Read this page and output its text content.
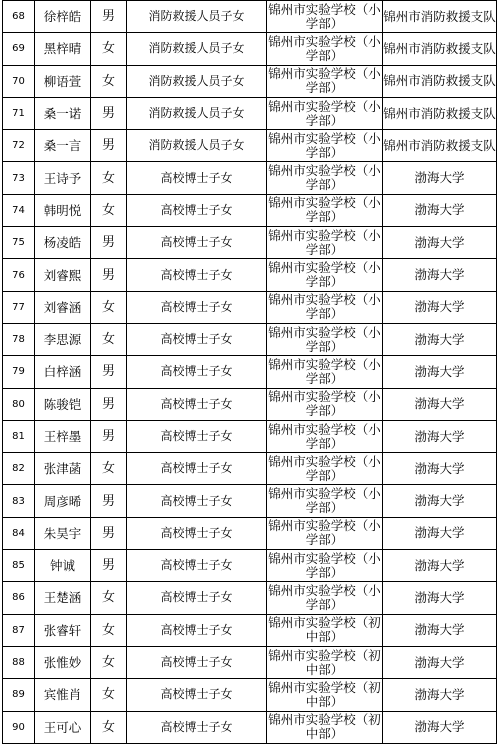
68	徐梓皓	男	消防救援人员子女	锦州市实验学校（小学部）	锦州市消防救援支队
69	黑梓晴	女	消防救援人员子女	锦州市实验学校（小学部）	锦州市消防救援支队
70	柳语萱	女	消防救援人员子女	锦州市实验学校（小学部）	锦州市消防救援支队
71	桑一诺	男	消防救援人员子女	锦州市实验学校（小学部）	锦州市消防救援支队
72	桑一言	男	消防救援人员子女	锦州市实验学校（小学部）	锦州市消防救援支队
73	王诗予	女	高校博士子女	锦州市实验学校（小学部）	渤海大学
74	韩明悦	女	高校博士子女	锦州市实验学校（小学部）	渤海大学
75	杨凌皓	男	高校博士子女	锦州市实验学校（小学部）	渤海大学
76	刘睿熙	男	高校博士子女	锦州市实验学校（小学部）	渤海大学
77	刘睿涵	女	高校博士子女	锦州市实验学校（小学部）	渤海大学
78	李思源	女	高校博士子女	锦州市实验学校（小学部）	渤海大学
79	白梓涵	男	高校博士子女	锦州市实验学校（小学部）	渤海大学
80	陈骏铠	男	高校博士子女	锦州市实验学校（小学部）	渤海大学
81	王梓墨	男	高校博士子女	锦州市实验学校（小学部）	渤海大学
82	张津菡	女	高校博士子女	锦州市实验学校（小学部）	渤海大学
83	周彦晞	男	高校博士子女	锦州市实验学校（小学部）	渤海大学
84	朱昊宇	男	高校博士子女	锦州市实验学校（小学部）	渤海大学
85	钟诚	男	高校博士子女	锦州市实验学校（小学部）	渤海大学
86	王楚涵	女	高校博士子女	锦州市实验学校（小学部）	渤海大学
87	张睿轩	女	高校博士子女	锦州市实验学校（初中部）	渤海大学
88	张惟妙	女	高校博士子女	锦州市实验学校（初中部）	渤海大学
89	宾惟肖	女	高校博士子女	锦州市实验学校（初中部）	渤海大学
90	王可心	女	高校博士子女	锦州市实验学校（初中部）	渤海大学
